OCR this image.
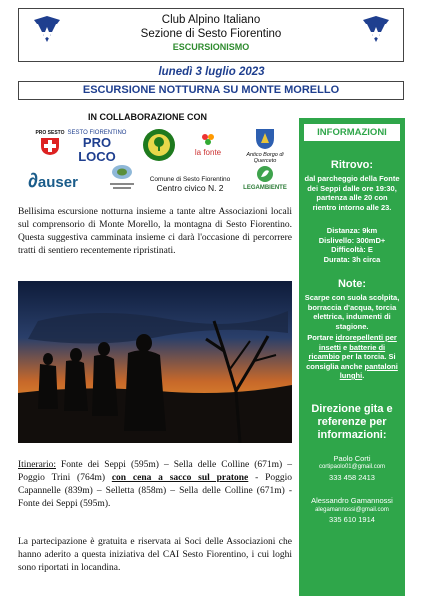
Club Alpino Italiano
Sezione di Sesto Fiorentino
ESCURSIONISMO
lunedì 3 luglio 2023
ESCURSIONE NOTTURNA SU MONTE MORELLO
IN COLLABORAZIONE CON
PRO SESTO SESTO FIORENTINO
PRO LOCO	la fonte	Antico Borgo di Querceto
∂auser	Comune di Sesto Fiorentino
Centro civico N. 2	LEGAMBIENTE
Bellisima escursione notturna insieme a tante altre Associazioni locali sul comprensorio di Monte Morello, la montagna di Sesto Fiorentino. Questa suggestiva camminata insieme ci darà l'occasione di percorrere tratti di sentiero recentemente ripristinati.
Itinerario: Fonte dei Seppi (595m) – Sella delle Colline (671m) – Poggio Trini (764m) con cena a sacco sul pratone - Poggio Capannelle (839m) – Selletta (858m) – Sella delle Colline (671m) - Fonte dei Seppi (595m).
La partecipazione è gratuita e riservata ai Soci delle Associazioni che hanno aderito a questa iniziativa del CAI Sesto Fiorentino, i cui loghi sono riportati in locandina.
INFORMAZIONI
Ritrovo:
dal parcheggio della Fonte dei Seppi dalle ore 19:30, partenza alle 20 con rientro intorno alle 23.
Distanza: 9km
Dislivello: 300mD+
Difficoltà: E
Durata: 3h circa
Note:
Scarpe con suola scolpita, borraccia d'acqua, torcia elettrica, indumenti di stagione.
Portare idrorepellenti per insetti e batterie di ricambio per la torcia. Si consiglia anche pantaloni lunghi.
Direzione gita e referenze per informazioni:
Paolo Corti
cortipaolo01@gmail.com
333 458 2413
Alessandro Gamannossi
alegamannossi@gmail.com
335 610 1914
